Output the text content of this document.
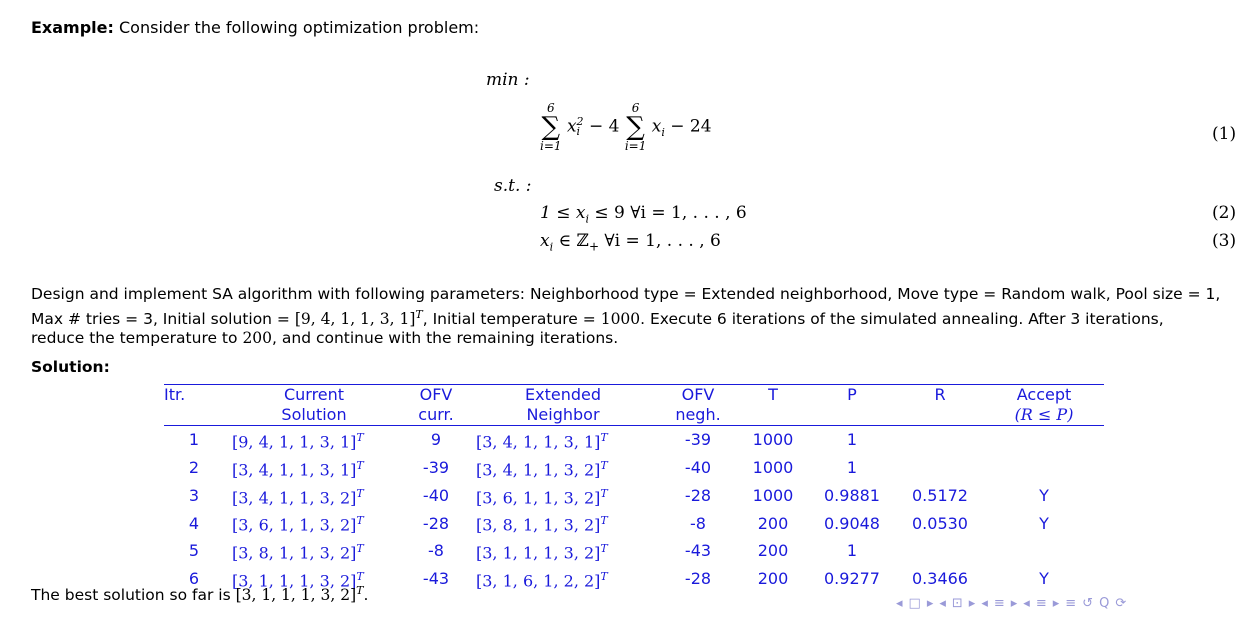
Example: Consider the following optimization problem:
min :
6
∑
i=1
x 2
i − 4
6
∑
i=1
$x_i - 24$	(1)
s.t. :
$1 \le x_i \le 9$ ∀i = 1, . . . , 6	(2)
$x_i$ ∈ ℤ$_+$ ∀i = 1, . . . , 6	(3)
Design and implement SA algorithm with following parameters: Neighborhood type = Extended neighborhood, Move type = Random walk, Pool size = 1,
Max # tries = 3, Initial solution = [9, 4, 1, 1, 3, 1]$^T$, Initial temperature = 1000. Execute 6 iterations of the simulated annealing. After 3 iterations,
reduce the temperature to 200, and continue with the remaining iterations.
Solution:
Itr.	Current	OFV	Extended	OFV	T	P	R	Accept
	Solution	curr.	Neighbor	negh.				(R ≤ P)
1	[9, 4, 1, 1, 3, 1]$^T$	9	[3, 4, 1, 1, 3, 1]$^T$	-39	1000	1		
2	[3, 4, 1, 1, 3, 1]$^T$	-39	[3, 4, 1, 1, 3, 2]$^T$	-40	1000	1		
3	[3, 4, 1, 1, 3, 2]$^T$	-40	[3, 6, 1, 1, 3, 2]$^T$	-28	1000	0.9881	0.5172	Y
4	[3, 6, 1, 1, 3, 2]$^T$	-28	[3, 8, 1, 1, 3, 2]$^T$	-8	200	0.9048	0.0530	Y
5	[3, 8, 1, 1, 3, 2]$^T$	-8	[3, 1, 1, 1, 3, 2]$^T$	-43	200	1		
6	[3, 1, 1, 1, 3, 2]$^T$	-43	[3, 1, 6, 1, 2, 2]$^T$	-28	200	0.9277	0.3466	Y
The best solution so far is [3, 1, 1, 1, 3, 2]$^T$.	◂ □ ▸ ◂ ⊡ ▸ ◂ ≡ ▸ ◂ ≡ ▸ ≡ ↺ Q ⟳
